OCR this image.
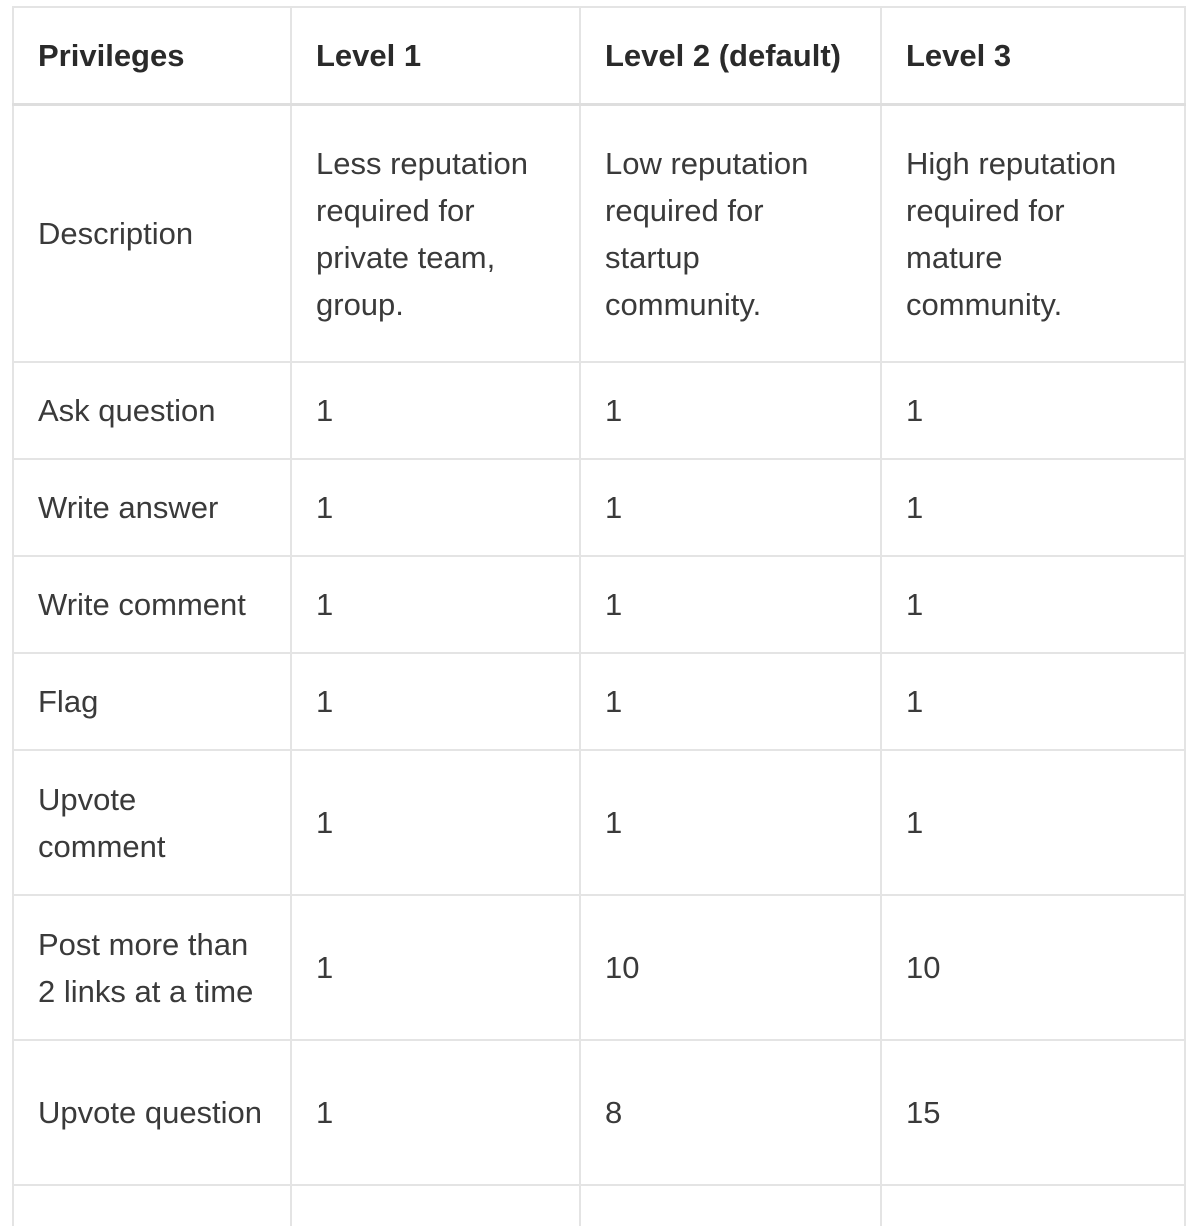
Privileges	Level 1	Level 2 (default)	Level 3
Description	Less reputation required for private team, group.	Low reputation required for startup community.	High reputation required for mature community.
Ask question	1	1	1
Write answer	1	1	1
Write comment	1	1	1
Flag	1	1	1
Upvote comment	1	1	1
Post more than 2 links at a time	1	10	10
Upvote question	1	8	15
